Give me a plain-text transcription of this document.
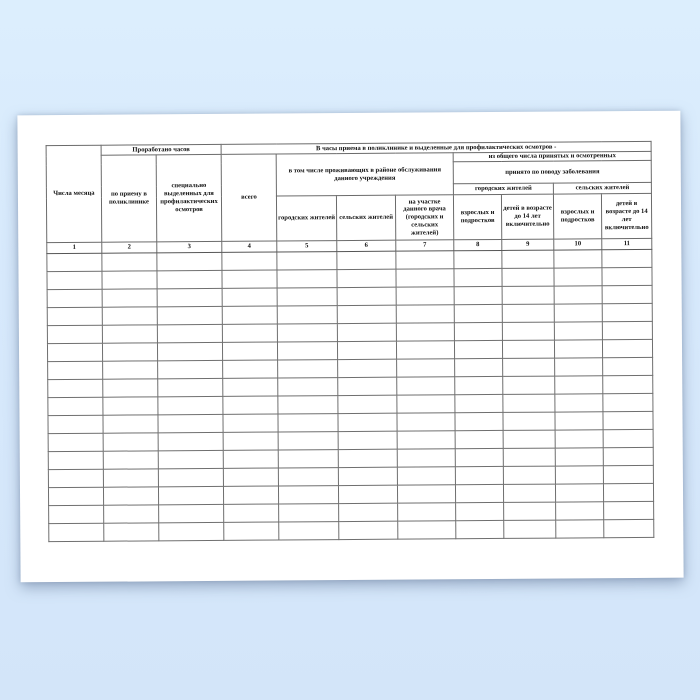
Числа месяца	Проработано часов		В часы приема в поликлинике и выделенные для профилактических осмотров -							
	по приему в поликлинике	специально выделенных для профилактических осмотров	всего	в том числе проживающих в районе обслуживания данного учреждения			из общего числа принятых и осмотренных			
							принято по поводу заболевания			
							городских жителей		сельских жителей	
				городских жителей	сельских жителей	на участке данного врача (городских и сельских жителей)	взрослых и подростков	детей в возрасте до 14 лет включительно	взрослых и подростков	детей в возрасте до 14 лет включительно
1	2	3	4	5	6	7	8	9	10	11
